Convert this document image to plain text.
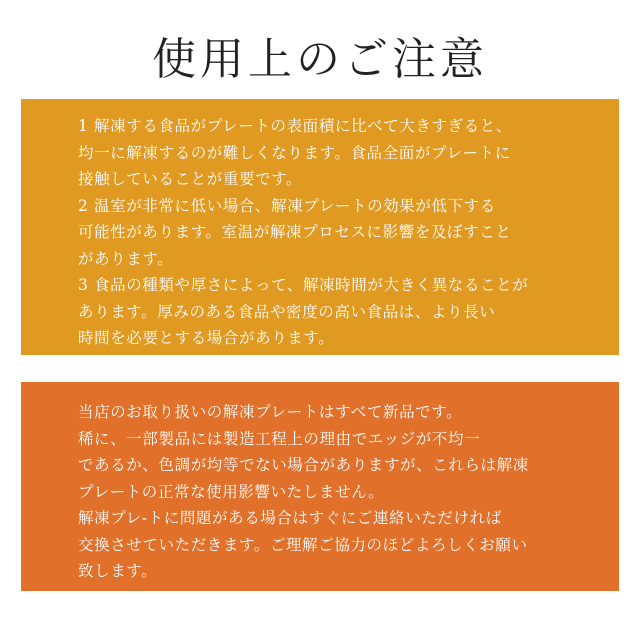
使用上のご注意
1 解凍する食品がプレートの表面積に比べて大きすぎると、
均一に解凍するのが難しくなります。食品全面がプレートに
接触していることが重要です。
2 温室が非常に低い場合、解凍プレートの効果が低下する
可能性があります。室温が解凍プロセスに影響を及ぼすこと
があります。
3 食品の種類や厚さによって、解凍時間が大きく異なることが
あります。厚みのある食品や密度の高い食品は、より長い
時間を必要とする場合があります。
当店のお取り扱いの解凍プレートはすべて新品です。
稀に、一部製品には製造工程上の理由でエッジが不均一
であるか、色調が均等でない場合がありますが、これらは解凍
プレートの正常な使用影響いたしません。
解凍プレ-トに問題がある場合はすぐにご連絡いただければ
交換させていただきます。ご理解ご協力のほどよろしくお願い
致します。
